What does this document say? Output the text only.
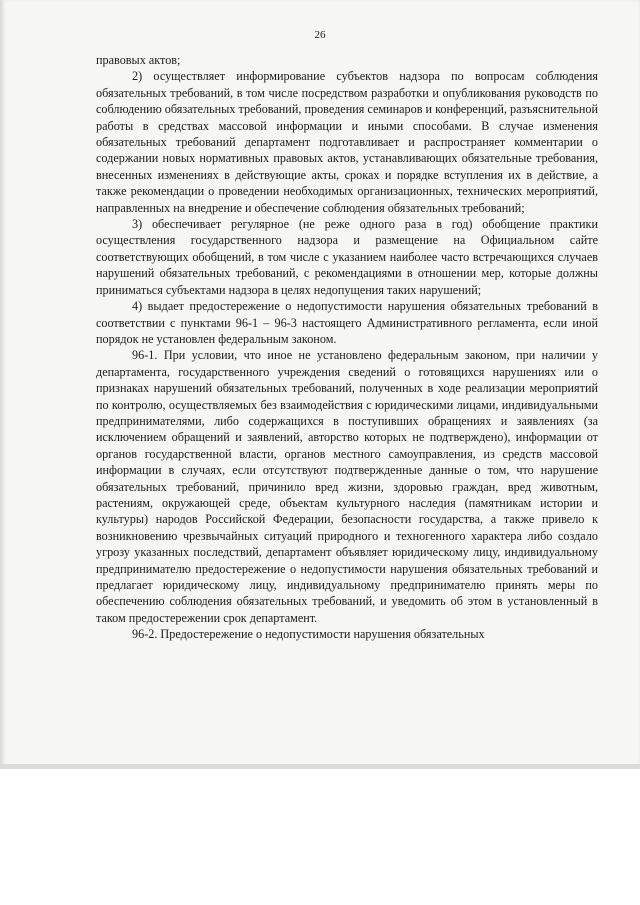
26

правовых актов;

2) осуществляет информирование субъектов надзора по вопросам соблюдения обязательных требований, в том числе посредством разработки и опубликования руководств по соблюдению обязательных требований, проведения семинаров и конференций, разъяснительной работы в средствах массовой информации и иными способами. В случае изменения обязательных требований департамент подготавливает и распространяет комментарии о содержании новых нормативных правовых актов, устанавливающих обязательные требования, внесенных изменениях в действующие акты, сроках и порядке вступления их в действие, а также рекомендации о проведении необходимых организационных, технических мероприятий, направленных на внедрение и обеспечение соблюдения обязательных требований;

3) обеспечивает регулярное (не реже одного раза в год) обобщение практики осуществления государственного надзора и размещение на Официальном сайте соответствующих обобщений, в том числе с указанием наиболее часто встречающихся случаев нарушений обязательных требований, с рекомендациями в отношении мер, которые должны приниматься субъектами надзора в целях недопущения таких нарушений;

4) выдает предостережение о недопустимости нарушения обязательных требований в соответствии с пунктами 96-1 – 96-3 настоящего Административного регламента, если иной порядок не установлен федеральным законом.

96-1. При условии, что иное не установлено федеральным законом, при наличии у департамента, государственного учреждения сведений о готовящихся нарушениях или о признаках нарушений обязательных требований, полученных в ходе реализации мероприятий по контролю, осуществляемых без взаимодействия с юридическими лицами, индивидуальными предпринимателями, либо содержащихся в поступивших обращениях и заявлениях (за исключением обращений и заявлений, авторство которых не подтверждено), информации от органов государственной власти, органов местного самоуправления, из средств массовой информации в случаях, если отсутствуют подтвержденные данные о том, что нарушение обязательных требований, причинило вред жизни, здоровью граждан, вред животным, растениям, окружающей среде, объектам культурного наследия (памятникам истории и культуры) народов Российской Федерации, безопасности государства, а также привело к возникновению чрезвычайных ситуаций природного и техногенного характера либо создало угрозу указанных последствий, департамент объявляет юридическому лицу, индивидуальному предпринимателю предостережение о недопустимости нарушения обязательных требований и предлагает юридическому лицу, индивидуальному предпринимателю принять меры по обеспечению соблюдения обязательных требований, и уведомить об этом в установленный в таком предостережении срок департамент.

96-2. Предостережение о недопустимости нарушения обязательных
